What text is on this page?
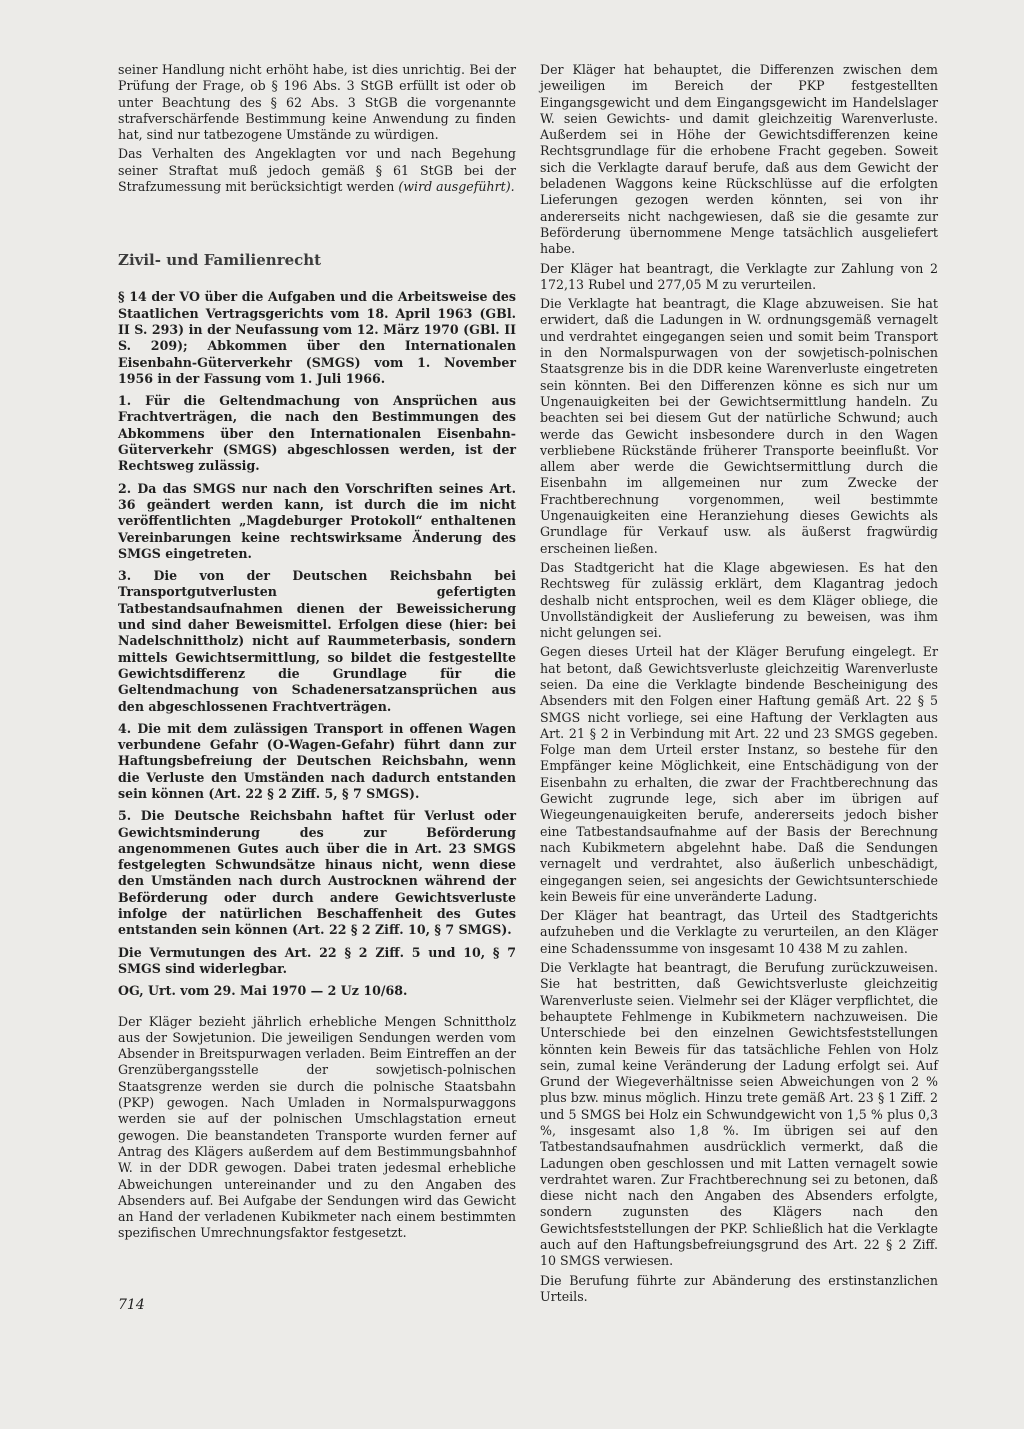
seiner Handlung nicht erhöht habe, ist dies unrichtig. Bei der Prüfung der Frage, ob § 196 Abs. 3 StGB erfüllt ist oder ob unter Beachtung des § 62 Abs. 3 StGB die vorgenannte strafverschärfende Bestimmung keine Anwendung zu finden hat, sind nur tatbezogene Umstände zu würdigen.

Das Verhalten des Angeklagten vor und nach Begehung seiner Straftat muß jedoch gemäß § 61 StGB bei der Strafzumessung mit berücksichtigt werden (wird ausgeführt).

Zivil- und Familienrecht

§ 14 der VO über die Aufgaben und die Arbeitsweise des Staatlichen Vertragsgerichts vom 18. April 1963 (GBl. II S. 293) in der Neufassung vom 12. März 1970 (GBl. II S. 209); Abkommen über den Internationalen Eisenbahn-Güterverkehr (SMGS) vom 1. November 1956 in der Fassung vom 1. Juli 1966.

1. Für die Geltendmachung von Ansprüchen aus Frachtverträgen, die nach den Bestimmungen des Abkommens über den Internationalen Eisenbahn-Güterverkehr (SMGS) abgeschlossen werden, ist der Rechtsweg zulässig.

2. Da das SMGS nur nach den Vorschriften seines Art. 36 geändert werden kann, ist durch die im nicht veröffentlichten „Magdeburger Protokoll“ enthaltenen Vereinbarungen keine rechtswirksame Änderung des SMGS eingetreten.

3. Die von der Deutschen Reichsbahn bei Transportgutverlusten gefertigten Tatbestandsaufnahmen dienen der Beweissicherung und sind daher Beweismittel. Erfolgen diese (hier: bei Nadelschnittholz) nicht auf Raummeterbasis, sondern mittels Gewichtsermittlung, so bildet die festgestellte Gewichtsdifferenz die Grundlage für die Geltendmachung von Schadenersatzansprüchen aus den abgeschlossenen Frachtverträgen.

4. Die mit dem zulässigen Transport in offenen Wagen verbundene Gefahr (O-Wagen-Gefahr) führt dann zur Haftungsbefreiung der Deutschen Reichsbahn, wenn die Verluste den Umständen nach dadurch entstanden sein können (Art. 22 § 2 Ziff. 5, § 7 SMGS).

5. Die Deutsche Reichsbahn haftet für Verlust oder Gewichtsminderung des zur Beförderung angenommenen Gutes auch über die in Art. 23 SMGS festgelegten Schwundsätze hinaus nicht, wenn diese den Umständen nach durch Austrocknen während der Beförderung oder durch andere Gewichtsverluste infolge der natürlichen Beschaffenheit des Gutes entstanden sein können (Art. 22 § 2 Ziff. 10, § 7 SMGS).

Die Vermutungen des Art. 22 § 2 Ziff. 5 und 10, § 7 SMGS sind widerlegbar.

OG, Urt. vom 29. Mai 1970 — 2 Uz 10/68.

Der Kläger bezieht jährlich erhebliche Mengen Schnittholz aus der Sowjetunion. Die jeweiligen Sendungen werden vom Absender in Breitspurwagen verladen. Beim Eintreffen an der Grenzübergangsstelle der sowjetisch-polnischen Staatsgrenze werden sie durch die polnische Staatsbahn (PKP) gewogen. Nach Umladen in Normalspurwaggons werden sie auf der polnischen Umschlagstation erneut gewogen. Die beanstandeten Transporte wurden ferner auf Antrag des Klägers außerdem auf dem Bestimmungsbahnhof W. in der DDR gewogen. Dabei traten jedesmal erhebliche Abweichungen untereinander und zu den Angaben des Absenders auf. Bei Aufgabe der Sendungen wird das Gewicht an Hand der verladenen Kubikmeter nach einem bestimmten spezifischen Umrechnungsfaktor festgesetzt.

Der Kläger hat behauptet, die Differenzen zwischen dem jeweiligen im Bereich der PKP festgestellten Eingangsgewicht und dem Eingangsgewicht im Handelslager W. seien Gewichts- und damit gleichzeitig Warenverluste. Außerdem sei in Höhe der Gewichtsdifferenzen keine Rechtsgrundlage für die erhobene Fracht gegeben. Soweit sich die Verklagte darauf berufe, daß aus dem Gewicht der beladenen Waggons keine Rückschlüsse auf die erfolgten Lieferungen gezogen werden könnten, sei von ihr andererseits nicht nachgewiesen, daß sie die gesamte zur Beförderung übernommene Menge tatsächlich ausgeliefert habe.

Der Kläger hat beantragt, die Verklagte zur Zahlung von 2 172,13 Rubel und 277,05 M zu verurteilen.

Die Verklagte hat beantragt, die Klage abzuweisen. Sie hat erwidert, daß die Ladungen in W. ordnungsgemäß vernagelt und verdrahtet eingegangen seien und somit beim Transport in den Normalspurwagen von der sowjetisch-polnischen Staatsgrenze bis in die DDR keine Warenverluste eingetreten sein könnten. Bei den Differenzen könne es sich nur um Ungenauigkeiten bei der Gewichtsermittlung handeln. Zu beachten sei bei diesem Gut der natürliche Schwund; auch werde das Gewicht insbesondere durch in den Wagen verbliebene Rückstände früherer Transporte beeinflußt. Vor allem aber werde die Gewichtsermittlung durch die Eisenbahn im allgemeinen nur zum Zwecke der Frachtberechnung vorgenommen, weil bestimmte Ungenauigkeiten eine Heranziehung dieses Gewichts als Grundlage für Verkauf usw. als äußerst fragwürdig erscheinen ließen.

Das Stadtgericht hat die Klage abgewiesen. Es hat den Rechtsweg für zulässig erklärt, dem Klagantrag jedoch deshalb nicht entsprochen, weil es dem Kläger obliege, die Unvollständigkeit der Auslieferung zu beweisen, was ihm nicht gelungen sei.

Gegen dieses Urteil hat der Kläger Berufung eingelegt. Er hat betont, daß Gewichtsverluste gleichzeitig Warenverluste seien. Da eine die Verklagte bindende Bescheinigung des Absenders mit den Folgen einer Haftung gemäß Art. 22 § 5 SMGS nicht vorliege, sei eine Haftung der Verklagten aus Art. 21 § 2 in Verbindung mit Art. 22 und 23 SMGS gegeben. Folge man dem Urteil erster Instanz, so bestehe für den Empfänger keine Möglichkeit, eine Entschädigung von der Eisenbahn zu erhalten, die zwar der Frachtberechnung das Gewicht zugrunde lege, sich aber im übrigen auf Wiegeungenauigkeiten berufe, andererseits jedoch bisher eine Tatbestandsaufnahme auf der Basis der Berechnung nach Kubikmetern abgelehnt habe. Daß die Sendungen vernagelt und verdrahtet, also äußerlich unbeschädigt, eingegangen seien, sei angesichts der Gewichtsunterschiede kein Beweis für eine unveränderte Ladung.

Der Kläger hat beantragt, das Urteil des Stadtgerichts aufzuheben und die Verklagte zu verurteilen, an den Kläger eine Schadenssumme von insgesamt 10 438 M zu zahlen.

Die Verklagte hat beantragt, die Berufung zurückzuweisen. Sie hat bestritten, daß Gewichtsverluste gleichzeitig Warenverluste seien. Vielmehr sei der Kläger verpflichtet, die behauptete Fehlmenge in Kubikmetern nachzuweisen. Die Unterschiede bei den einzelnen Gewichtsfeststellungen könnten kein Beweis für das tatsächliche Fehlen von Holz sein, zumal keine Veränderung der Ladung erfolgt sei. Auf Grund der Wiegeverhältnisse seien Abweichungen von 2 % plus bzw. minus möglich. Hinzu trete gemäß Art. 23 § 1 Ziff. 2 und 5 SMGS bei Holz ein Schwundgewicht von 1,5 % plus 0,3 %, insgesamt also 1,8 %. Im übrigen sei auf den Tatbestandsaufnahmen ausdrücklich vermerkt, daß die Ladungen oben geschlossen und mit Latten vernagelt sowie verdrahtet waren. Zur Frachtberechnung sei zu betonen, daß diese nicht nach den Angaben des Absenders erfolgte, sondern zugunsten des Klägers nach den Gewichtsfeststellungen der PKP. Schließlich hat die Verklagte auch auf den Haftungsbefreiungsgrund des Art. 22 § 2 Ziff. 10 SMGS verwiesen.

Die Berufung führte zur Abänderung des erstinstanzlichen Urteils.

714
